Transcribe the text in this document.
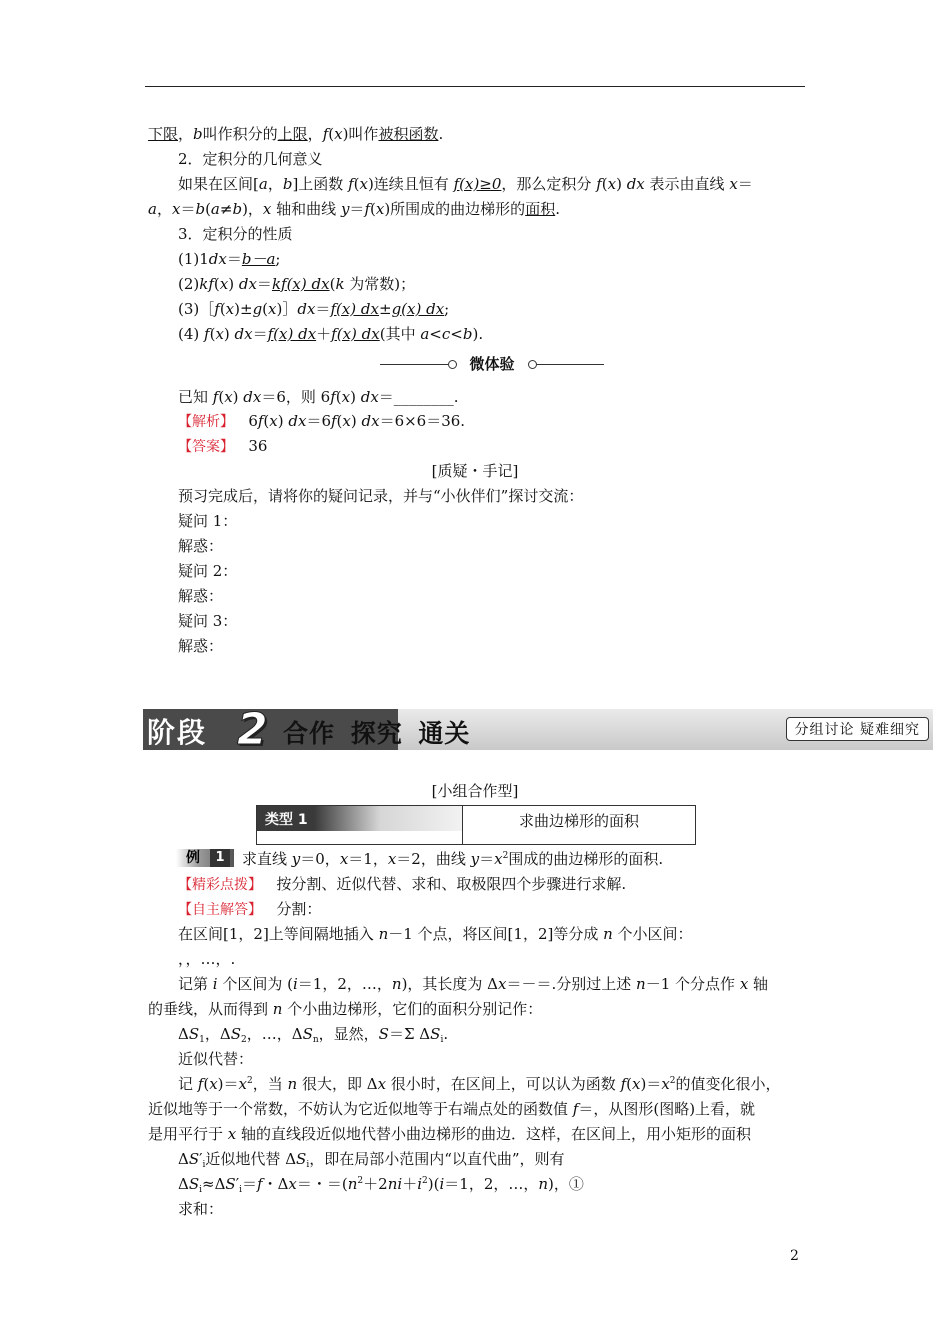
下限，b叫作积分的上限，f(x)叫作被积函数.
2．定积分的几何意义
如果在区间[a，b]上函数 f(x)连续且恒有 f(x)≥0，那么定积分 f(x) dx 表示由直线 x＝
a，x＝b(a≠b)，x 轴和曲线 y＝f(x)所围成的曲边梯形的面积.
3．定积分的性质
(1)1dx＝b－a;
(2)kf(x) dx＝kf(x) dx(k 为常数)；
(3)［f(x)±g(x)］dx＝f(x) dx±g(x) dx;
(4) f(x) dx＝f(x) dx＋f(x) dx(其中 a<c<b).
微体验
已知 f(x) dx＝6，则 6f(x) dx＝________.
【解析】 6f(x) dx＝6f(x) dx＝6×6＝36.
【答案】 36
[质疑・手记]
预习完成后，请将你的疑问记录，并与“小伙伴们”探讨交流：
疑问 1：
解惑：
疑问 2：
解惑：
疑问 3：
解惑：
阶段 2 合作 探究 通关	分组讨论 疑难细究
[小组合作型]
类型 1	求曲边梯形的面积
例	1	求直线 y＝0，x＝1，x＝2，曲线 $y=x^2$围成的曲边梯形的面积.
【精彩点拨】 按分割、近似代替、求和、取极限四个步骤进行求解.
【自主解答】 分割：
在区间[1，2]上等间隔地插入 n－1 个点，将区间[1，2]等分成 n 个小区间：
，，…，.
记第 i 个区间为 (i＝1，2，…，n)，其长度为 Δx＝－＝.分别过上述 n－1 个分点作 x 轴
的垂线，从而得到 n 个小曲边梯形，它们的面积分别记作：
$\Delta S_1$，$\Delta S_2$，…，$\Delta S_n$，显然，S＝Σ $\Delta S_i$.
近似代替：
记 $f(x)=x^2$，当 n 很大，即 Δx 很小时，在区间上，可以认为函数 $f(x)=x^2$的值变化很小，
近似地等于一个常数，不妨认为它近似地等于右端点处的函数值 f＝，从图形(图略)上看，就
是用平行于 x 轴的直线段近似地代替小曲边梯形的曲边．这样，在区间上，用小矩形的面积
$\Delta S'_i$近似地代替 $\Delta S_i$，即在局部小范围内“以直代曲”，则有
$\Delta S_i\approx\Delta S'_i=f$・Δx＝・$=(n^2+2ni+i^2)(i=1$，2，…，n)，①
求和：
2
